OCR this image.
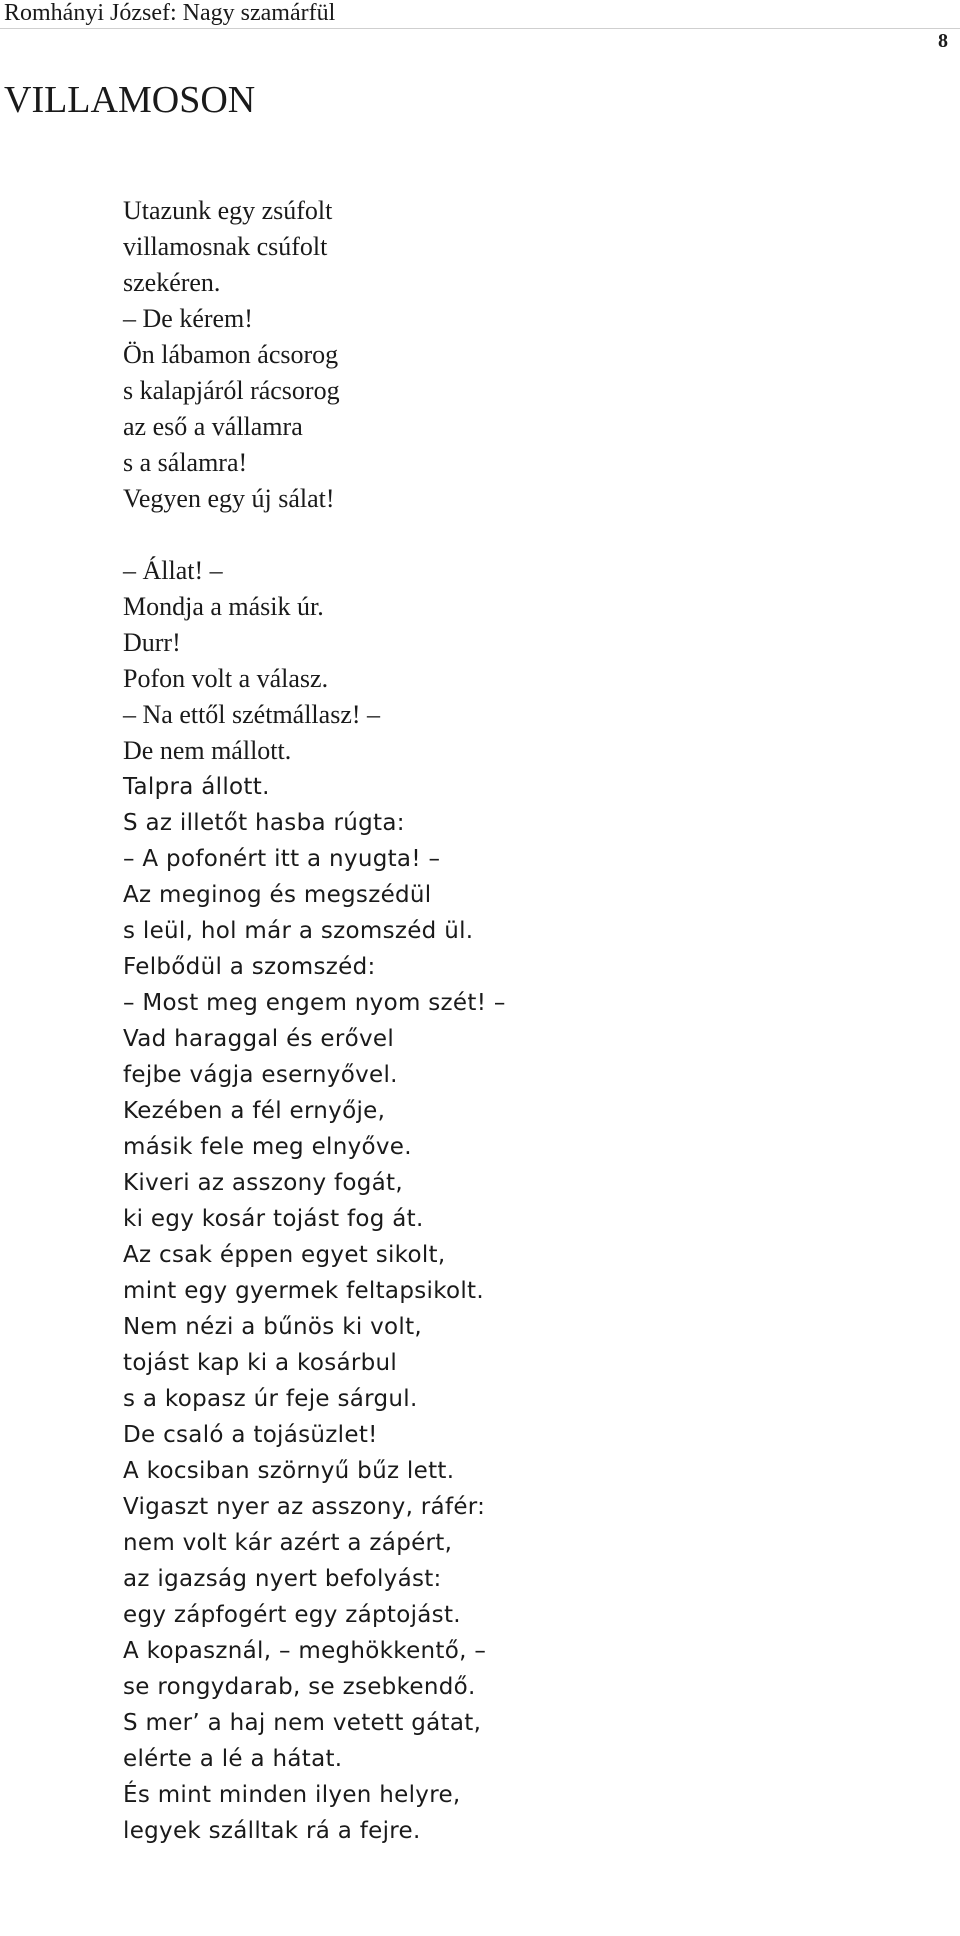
Romhányi József: Nagy szamárfül
8
VILLAMOSON
Utazunk egy zsúfolt
villamosnak csúfolt
szekéren.
– De kérem!
Ön lábamon ácsorog
s kalapjáról rácsorog
az eső a vállamra
s a sálamra!
Vegyen egy új sálat!
– Állat! –
Mondja a másik úr.
Durr!
Pofon volt a válasz.
– Na ettől szétmállasz! –
De nem mállott.
Talpra állott.
S az illetőt hasba rúgta:
– A pofonért itt a nyugta! –
Az meginog és megszédül
s leül, hol már a szomszéd ül.
Felbődül a szomszéd:
– Most meg engem nyom szét! –
Vad haraggal és erővel
fejbe vágja esernyővel.
Kezében a fél ernyője,
másik fele meg elnyőve.
Kiveri az asszony fogát,
ki egy kosár tojást fog át.
Az csak éppen egyet sikolt,
mint egy gyermek feltapsikolt.
Nem nézi a bűnös ki volt,
tojást kap ki a kosárbul
s a kopasz úr feje sárgul.
De csaló a tojásüzlet!
A kocsiban szörnyű bűz lett.
Vigaszt nyer az asszony, ráfér:
nem volt kár azért a zápért,
az igazság nyert befolyást:
egy zápfogért egy záptojást.
A kopasznál, – meghökkentő, –
se rongydarab, se zsebkendő.
S mer’ a haj nem vetett gátat,
elérte a lé a hátat.
És mint minden ilyen helyre,
legyek szálltak rá a fejre.
